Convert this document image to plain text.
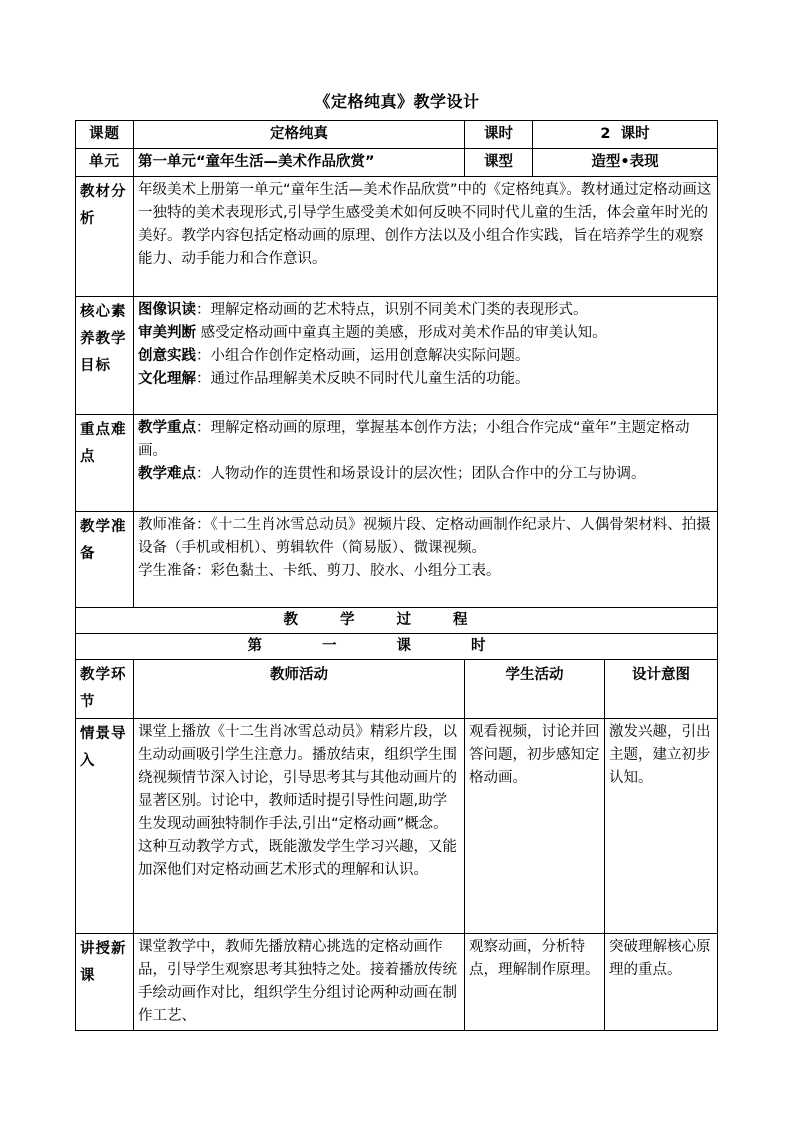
《定格纯真》教学设计
课题	定格纯真	课时	2  课时	
单元	第一单元“童年生活—美术作品欣赏”	课型	造型•表现	
教材分析	年级美术上册第一单元“童年生活—美术作品欣赏”中的《定格纯真》。教材通过定格动画这一独特的美术表现形式,引导学生感受美术如何反映不同时代儿童的生活，体会童年时光的美好。教学内容包括定格动画的原理、创作方法以及小组合作实践，旨在培养学生的观察能力、动手能力和合作意识。			
核心素养教学目标	图像识读：理解定格动画的艺术特点，识别不同美术门类的表现形式。

审美判断 感受定格动画中童真主题的美感，形成对美术作品的审美认知。

创意实践：小组合作创作定格动画，运用创意解决实际问题。

文化理解：通过作品理解美术反映不同时代儿童生活的功能。			

重点难点	教学重点：理解定格动画的原理，掌握基本创作方法；小组合作完成“童年”主题定格动画。

教学难点：人物动作的连贯性和场景设计的层次性；团队合作中的分工与协调。			

教学准备	教师准备：《十二生肖冰雪总动员》视频片段、定格动画制作纪录片、人偶骨架材料、拍摄设备（手机或相机）、剪辑软件（简易版）、微课视频。

学生准备：彩色黏土、卡纸、剪刀、胶水、小组分工表。			

教学过程				
第一课时				
教学环节	教师活动	学生活动		设计意图
情景导入	课堂上播放《十二生肖冰雪总动员》精彩片段，以生动动画吸引学生注意力。播放结束，组织学生围绕视频情节深入讨论，引导思考其与其他动画片的显著区别。讨论中，教师适时提引导性问题,助学生发现动画独特制作手法,引出“定格动画”概念。这种互动教学方式，既能激发学生学习兴趣，又能加深他们对定格动画艺术形式的理解和认识。	观看视频，讨论并回答问题，初步感知定格动画。		激发兴趣，引出主题，建立初步认知。
讲授新课	课堂教学中，教师先播放精心挑选的定格动画作品，引导学生观察思考其独特之处。接着播放传统手绘动画作对比，组织学生分组讨论两种动画在制作工艺、	观察动画，分析特点，理解制作原理。		突破理解核心原理的重点。
